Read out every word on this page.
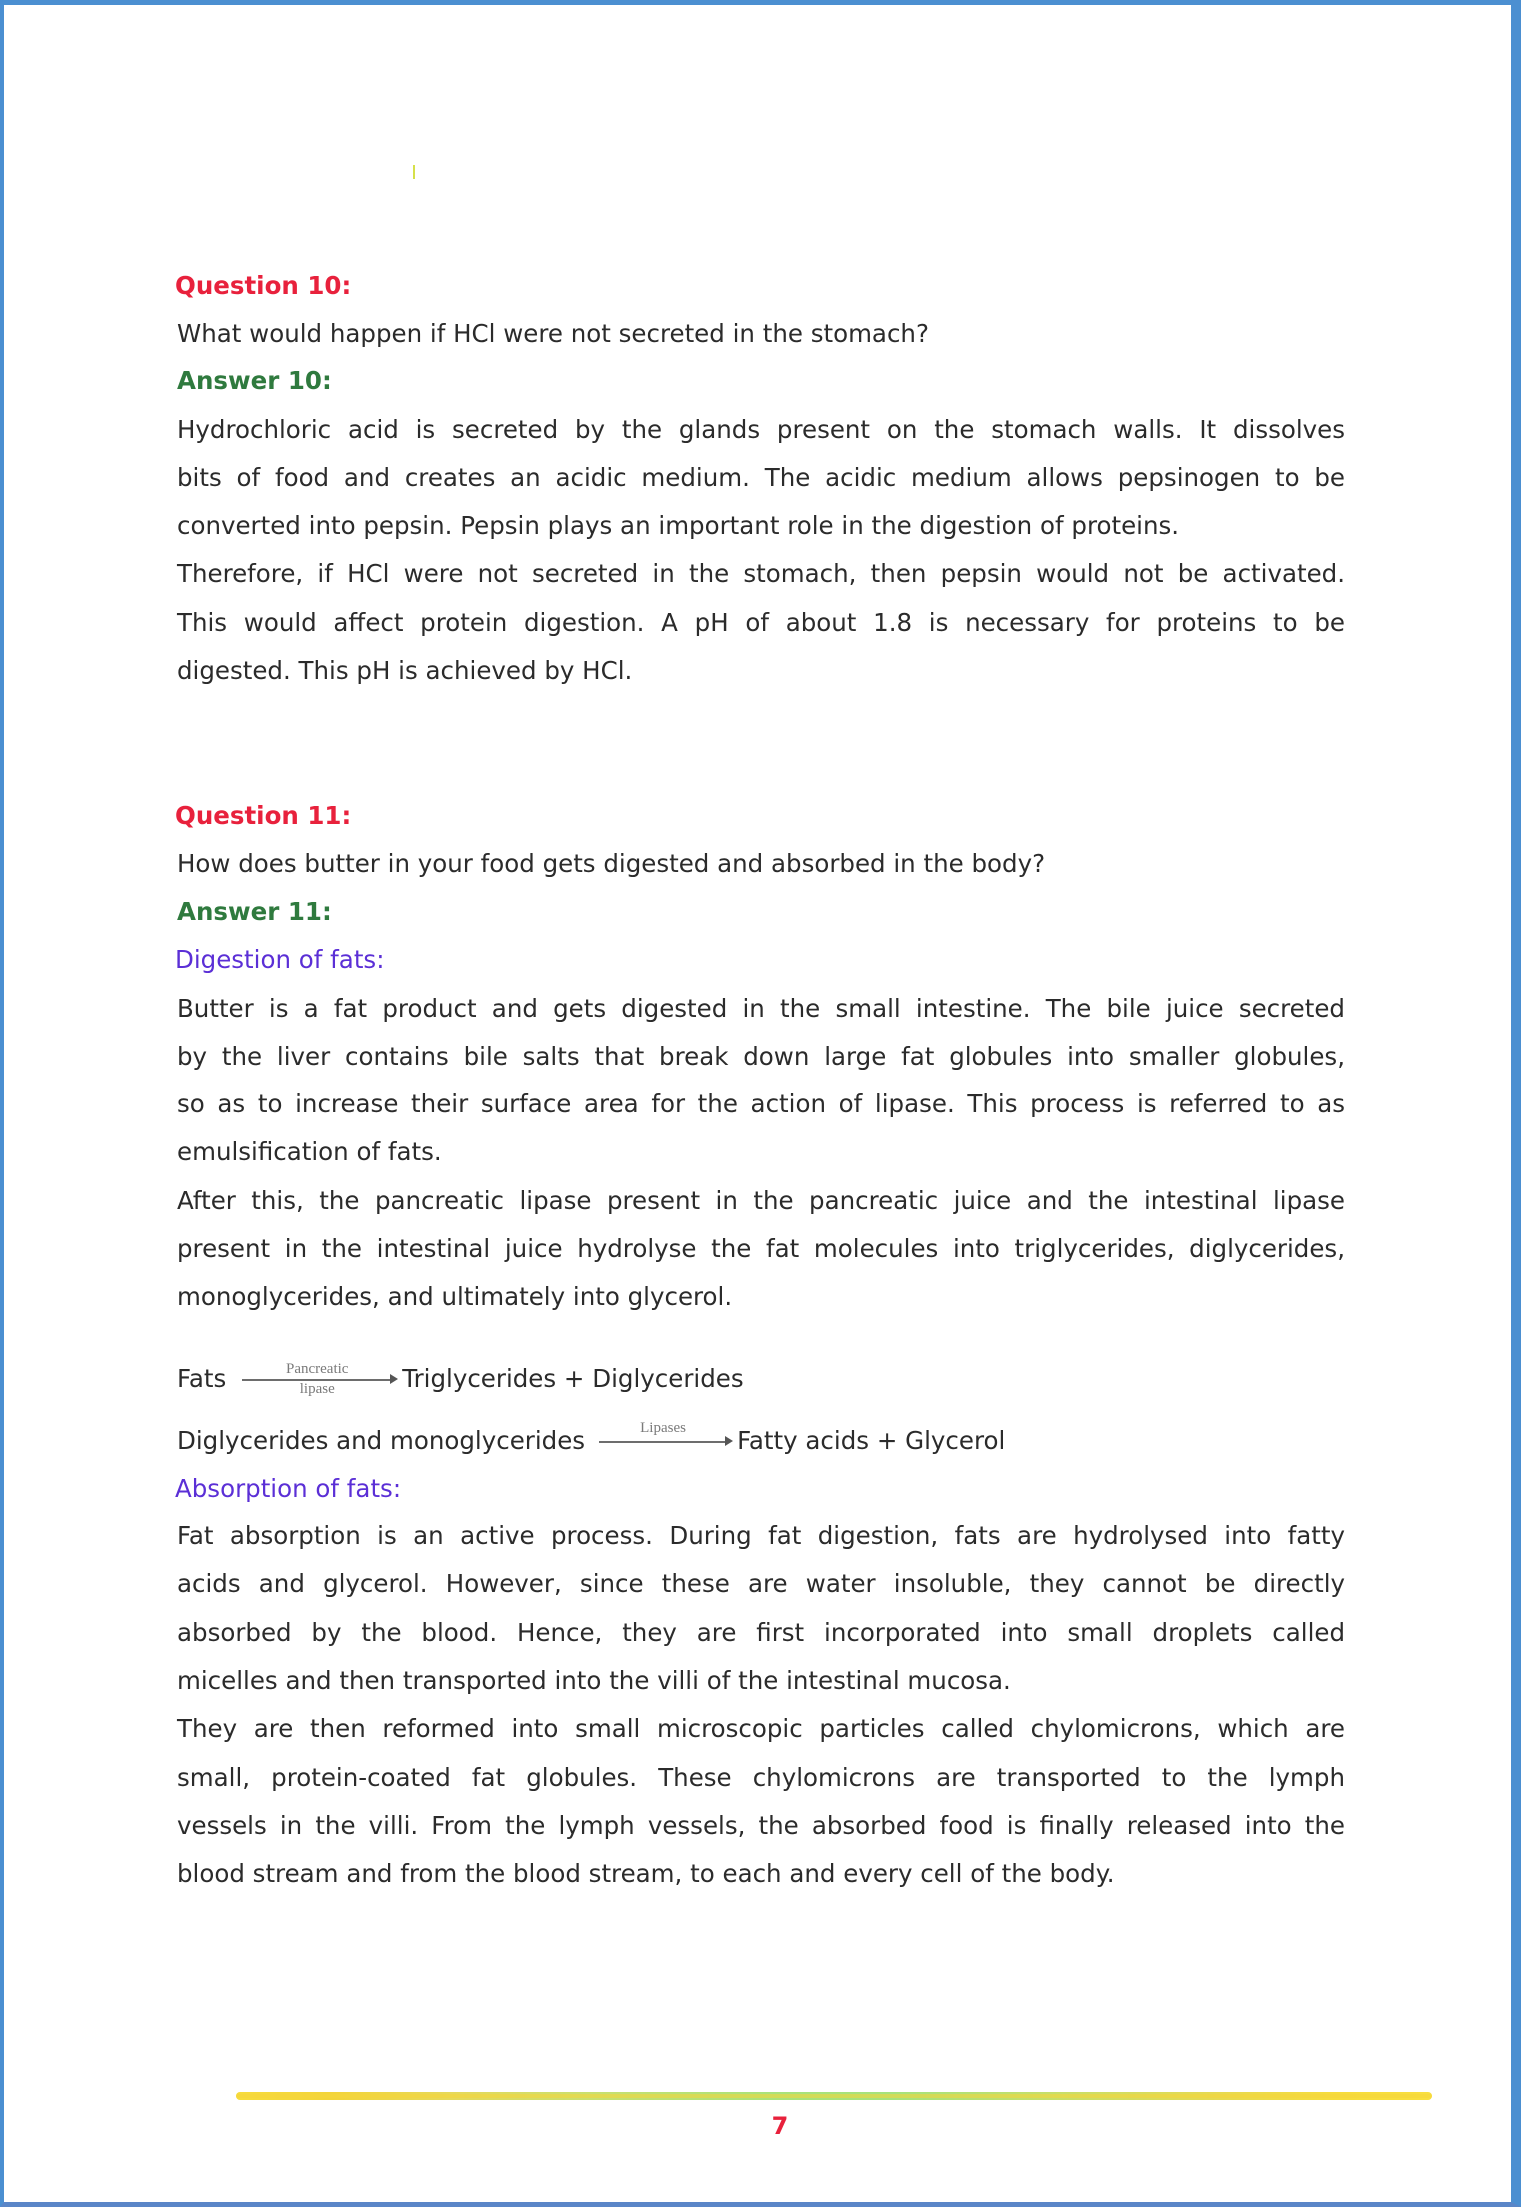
Question 10:
What would happen if HCl were not secreted in the stomach?
Answer 10:
Hydrochloric acid is secreted by the glands present on the stomach walls. It dissolves
bits of food and creates an acidic medium. The acidic medium allows pepsinogen to be
converted into pepsin. Pepsin plays an important role in the digestion of proteins.
Therefore, if HCl were not secreted in the stomach, then pepsin would not be activated.
This would affect protein digestion. A pH of about 1.8 is necessary for proteins to be
digested. This pH is achieved by HCl.
Question 11:
How does butter in your food gets digested and absorbed in the body?
Answer 11:
Digestion of fats:
Butter is a fat product and gets digested in the small intestine. The bile juice secreted
by the liver contains bile salts that break down large fat globules into smaller globules,
so as to increase their surface area for the action of lipase. This process is referred to as
emulsification of fats.
After this, the pancreatic lipase present in the pancreatic juice and the intestinal lipase
present in the intestinal juice hydrolyse the fat molecules into triglycerides, diglycerides,
monoglycerides, and ultimately into glycerol.
Fats	Pancreatic
lipase	Triglycerides + Diglycerides
Diglycerides and monoglycerides	Lipases	Fatty acids + Glycerol
Absorption of fats:
Fat absorption is an active process. During fat digestion, fats are hydrolysed into fatty
acids and glycerol. However, since these are water insoluble, they cannot be directly
absorbed by the blood. Hence, they are first incorporated into small droplets called
micelles and then transported into the villi of the intestinal mucosa.
They are then reformed into small microscopic particles called chylomicrons, which are
small, protein-coated fat globules. These chylomicrons are transported to the lymph
vessels in the villi. From the lymph vessels, the absorbed food is finally released into the
blood stream and from the blood stream, to each and every cell of the body.
7
